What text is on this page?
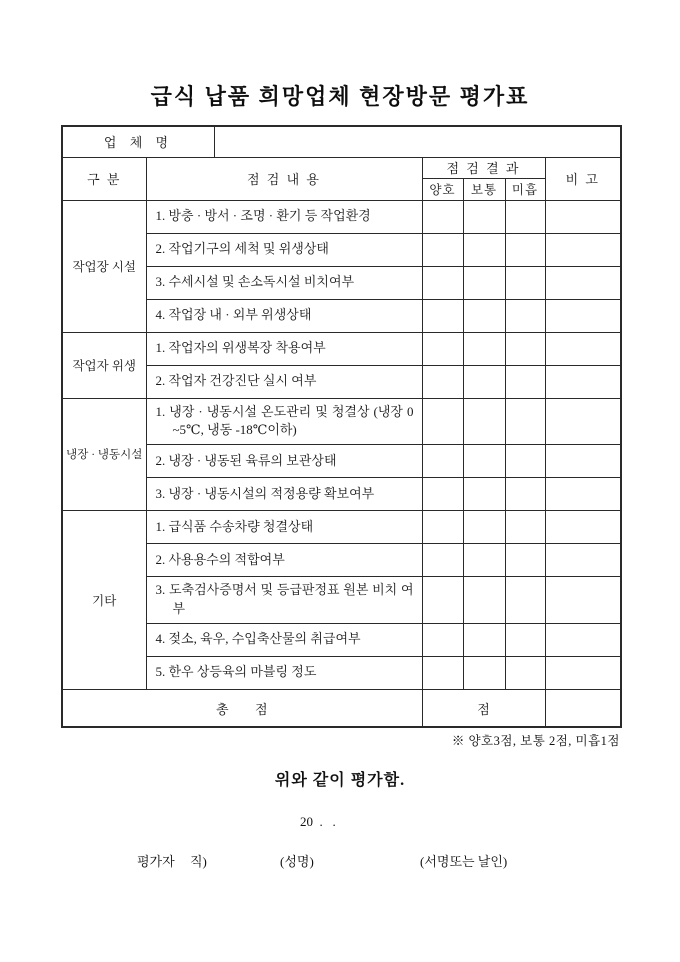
급식 납품 희망업체 현장방문 평가표
업 체 명					

구 분	점 검 내 용	점 검 결 과			비 고
		양호	보통	미흡	
작업장 시설	1. 방충 · 방서 · 조명 · 환기 등 작업환경				

	2. 작업기구의 세척 및 위생상태				

	3. 수세시설 및 손소독시설 비치여부				

	4. 작업장 내 · 외부 위생상태				

작업자 위생	1. 작업자의 위생복장 착용여부				

	2. 작업자 건강진단 실시 여부				

냉장 · 냉동시설	1. 냉장 · 냉동시설 온도관리 및 청결상 (냉장 0 ~5℃, 냉동 -18℃이하)				

	2. 냉장 · 냉동된 육류의 보관상태				

	3. 냉장 · 냉동시설의 적정용량 확보여부				

기타	1. 급식품 수송차량 청결상태				

	2. 사용용수의 적합여부				

	3. 도축검사증명서 및 등급판정표 원본 비치 여부				

	4. 젖소, 육우, 수입축산물의 취급여부				

	5. 한우 상등육의 마블링 정도				

총      점		점			
※ 양호3점, 보통 2점, 미흡1점
위와 같이 평가함.
20  .   .
평가자 직)	(성명)	(서명또는 날인)
